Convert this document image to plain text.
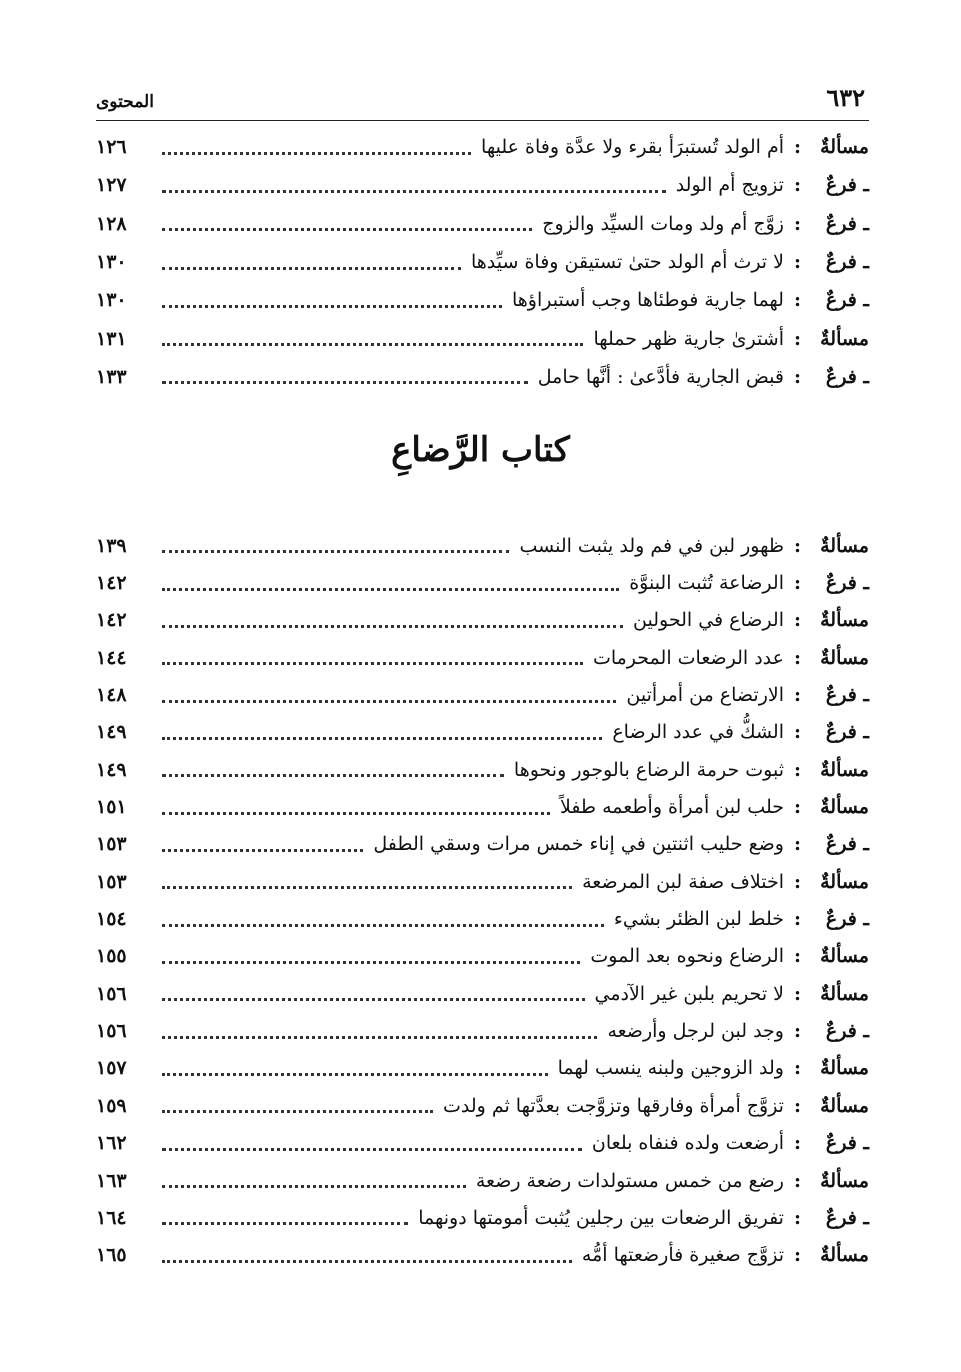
٦٣٢
المحتوى
مسألةٌ
:
أم الولد تُستبرَأ بقرء ولا عدَّة وفاة عليها
١٢٦
ـ فرعٌ
:
تزويج أم الولد
١٢٧
ـ فرعٌ
:
زوَّج أم ولد ومات السيِّد والزوج
١٢٨
ـ فرعٌ
:
لا ترث أم الولد حتىٰ تستيقن وفاة سيِّدها
١٣٠
ـ فرعٌ
:
لهما جارية فوطئاها وجب أستبراؤها
١٣٠
مسألةٌ
:
أشترىٰ جارية ظهر حملها
١٣١
ـ فرعٌ
:
قبض الجارية فأدَّعىٰ : أنَّها حامل
١٣٣
كتاب الرَّضاعِ
مسألةٌ
:
ظهور لبن في فم ولد يثبت النسب
١٣٩
ـ فرعٌ
:
الرضاعة تُثبت البنوَّة
١٤٢
مسألةٌ
:
الرضاع في الحولين
١٤٢
مسألةٌ
:
عدد الرضعات المحرمات
١٤٤
ـ فرعٌ
:
الارتضاع من أمرأتين
١٤٨
ـ فرعٌ
:
الشكُّ في عدد الرضاع
١٤٩
مسألةٌ
:
ثبوت حرمة الرضاع بالوجور ونحوها
١٤٩
مسألةٌ
:
حلب لبن أمرأة وأطعمه طفلاً
١٥١
ـ فرعٌ
:
وضع حليب اثنتين في إناء خمس مرات وسقي الطفل
١٥٣
مسألةٌ
:
اختلاف صفة لبن المرضعة
١٥٣
ـ فرعٌ
:
خلط لبن الظئر بشيء
١٥٤
مسألةٌ
:
الرضاع ونحوه بعد الموت
١٥٥
مسألةٌ
:
لا تحريم بلبن غير الآدمي
١٥٦
ـ فرعٌ
:
وجد لبن لرجل وأرضعه
١٥٦
مسألةٌ
:
ولد الزوجين ولبنه ينسب لهما
١٥٧
مسألةٌ
:
تزوَّج أمرأة وفارقها وتزوَّجت بعدَّتها ثم ولدت
١٥٩
ـ فرعٌ
:
أرضعت ولده فنفاه بلعان
١٦٢
مسألةٌ
:
رضع من خمس مستولدات رضعة رضعة
١٦٣
ـ فرعٌ
:
تفريق الرضعات بين رجلين يُثبت أمومتها دونهما
١٦٤
مسألةٌ
:
تزوَّج صغيرة فأرضعتها أمُّه
١٦٥
